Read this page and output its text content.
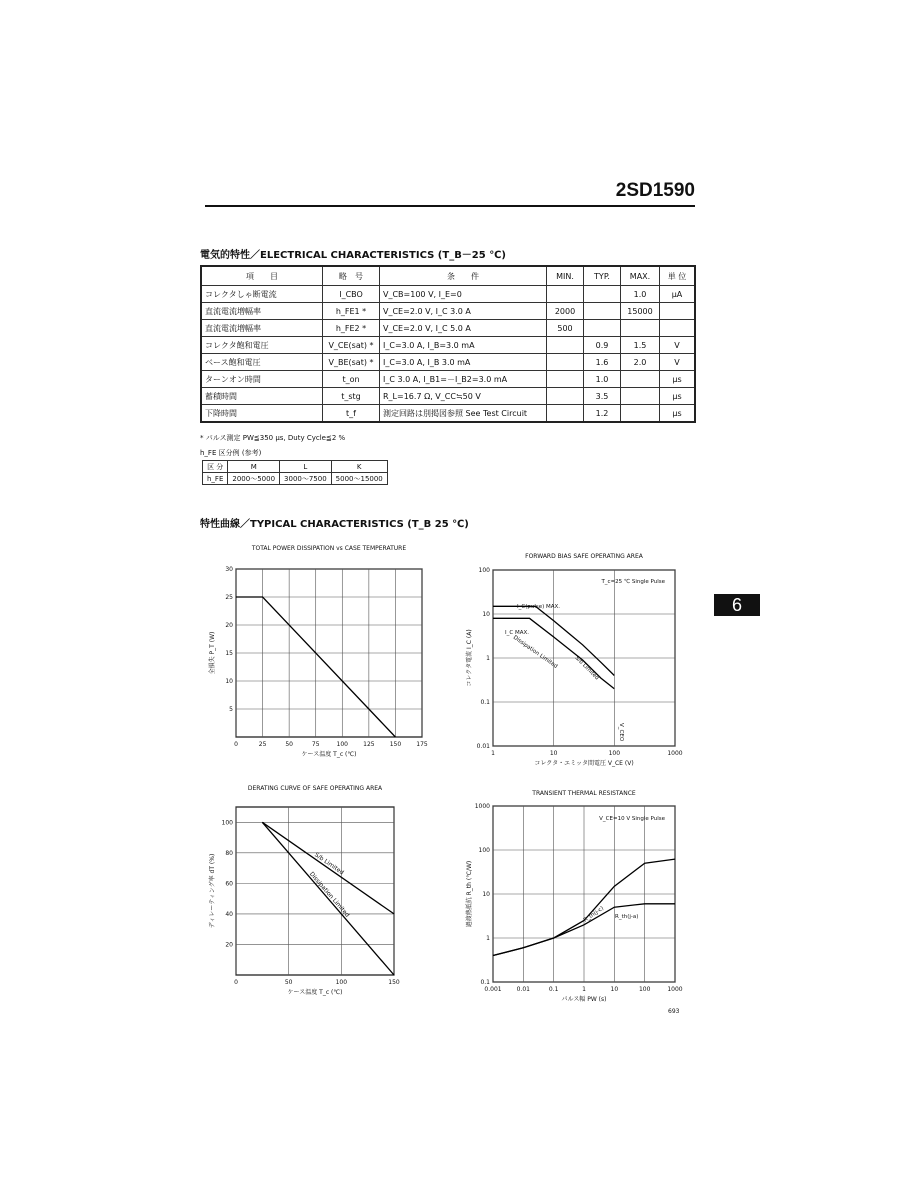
2SD1590
電気的特性／ELECTRICAL CHARACTERISTICS (T_B－25 ℃)
項　　目	略　号	条　　件	MIN.	TYP.	MAX.	単 位
コレクタしゃ断電流	I_CBO	V_CB=100 V, I_E=0			1.0	μA
直流電流増幅率	h_FE1 *	V_CE=2.0 V, I_C 3.0 A	2000		15000	
直流電流増幅率	h_FE2 *	V_CE=2.0 V, I_C 5.0 A	500			
コレクタ飽和電圧	V_CE(sat) *	I_C=3.0 A, I_B=3.0 mA		0.9	1.5	V
ベース飽和電圧	V_BE(sat) *	I_C=3.0 A, I_B 3.0 mA		1.6	2.0	V
ターンオン時間	t_on	I_C 3.0 A, I_B1=－I_B2=3.0 mA		1.0		μs
蓄積時間	t_stg	R_L=16.7 Ω, V_CC≒50 V		3.5		μs
下降時間	t_f	測定回路は別掲図参照 See Test Circuit		1.2		μs
* パルス測定 PW≦350 μs, Duty Cycle≦2 %
h_FE 区分例 (参考)
区 分	M	L	K
h_FE	2000～5000	3000～7500	5000～15000
特性曲線／TYPICAL CHARACTERISTICS (T_B 25 ℃)
6
TOTAL POWER DISSIPATION vs CASE TEMPERATURE
0	25	50	75	100	125	150	175
5
10
15
20
25
30
ケース温度 T_c (℃)
全損失 P_T (W)
FORWARD BIAS SAFE OPERATING AREA
1	10	100	1000
0.01
0.1
1
10
100
T_c=25 ℃ Single Pulse
I_C(pulse) MAX.
I_C MAX.
Dissipation Limited	S/b Limited
V_CEO
コレクタ・エミッタ間電圧 V_CE (V)
コレクタ電流 I_C (A)
DERATING CURVE OF SAFE OPERATING AREA
0	50	100	150
20
40
60
80
100
S/b Limited
Dissipation Limited
ケース温度 T_c (℃)
ディレーティング率 dT (%)
TRANSIENT THERMAL RESISTANCE
0.001	0.01	0.1	1	10	100	1000
0.1
1
10
100
1000
V_CE=10 V Single Pulse
R_th(j-c) R_th(j-a)
パルス幅 PW (s)
過渡熱抵抗 R_th (℃/W)
693
